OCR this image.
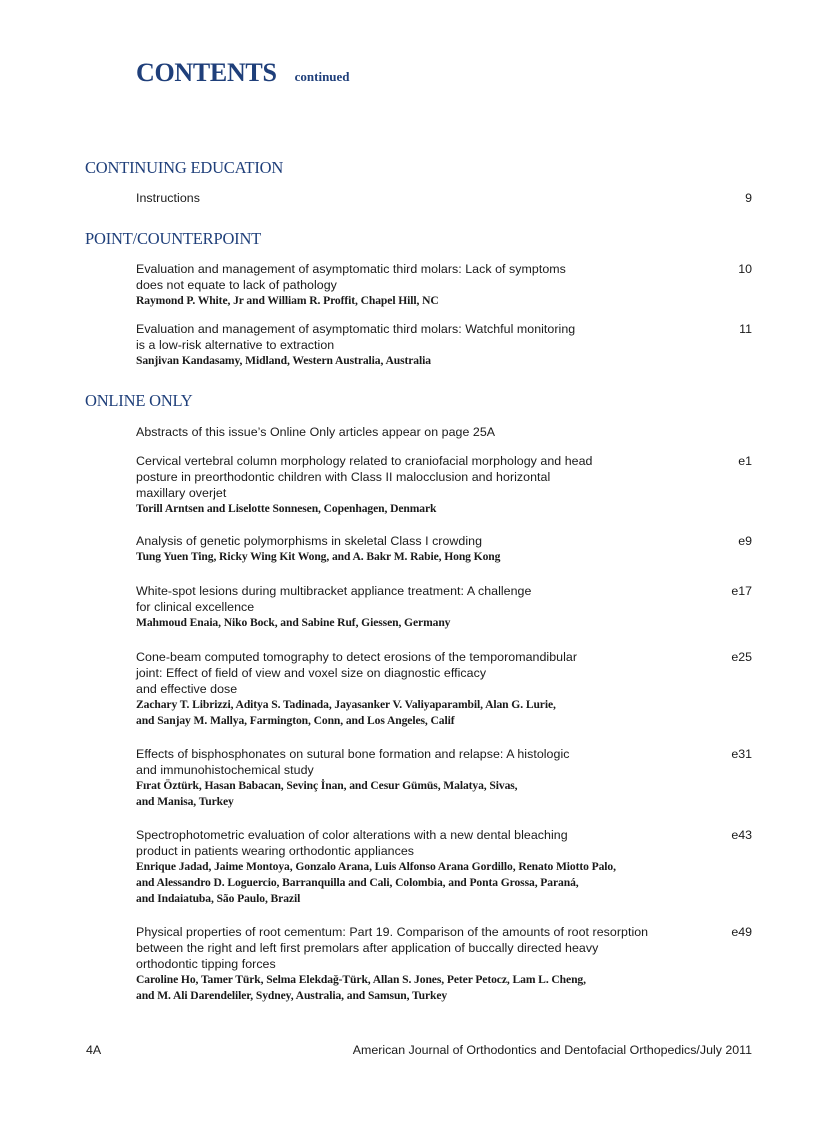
CONTENTS continued
CONTINUING EDUCATION
Instructions	9
POINT/COUNTERPOINT
Evaluation and management of asymptomatic third molars: Lack of symptoms
does not equate to lack of pathology
Raymond P. White, Jr and William R. Proffit, Chapel Hill, NC
10
Evaluation and management of asymptomatic third molars: Watchful monitoring
is a low-risk alternative to extraction
Sanjivan Kandasamy, Midland, Western Australia, Australia
11
ONLINE ONLY
Abstracts of this issue’s Online Only articles appear on page 25A
Cervical vertebral column morphology related to craniofacial morphology and head
posture in preorthodontic children with Class II malocclusion and horizontal
maxillary overjet
Torill Arntsen and Liselotte Sonnesen, Copenhagen, Denmark
e1
Analysis of genetic polymorphisms in skeletal Class I crowding
Tung Yuen Ting, Ricky Wing Kit Wong, and A. Bakr M. Rabie, Hong Kong
e9
White-spot lesions during multibracket appliance treatment: A challenge
for clinical excellence
Mahmoud Enaia, Niko Bock, and Sabine Ruf, Giessen, Germany
e17
Cone-beam computed tomography to detect erosions of the temporomandibular
joint: Effect of field of view and voxel size on diagnostic efficacy
and effective dose
Zachary T. Librizzi, Aditya S. Tadinada, Jayasanker V. Valiyaparambil, Alan G. Lurie,
and Sanjay M. Mallya, Farmington, Conn, and Los Angeles, Calif
e25
Effects of bisphosphonates on sutural bone formation and relapse: A histologic
and immunohistochemical study
Fırat Öztürk, Hasan Babacan, Sevinç İnan, and Cesur Gümüs, Malatya, Sivas,
and Manisa, Turkey
e31
Spectrophotometric evaluation of color alterations with a new dental bleaching
product in patients wearing orthodontic appliances
Enrique Jadad, Jaime Montoya, Gonzalo Arana, Luis Alfonso Arana Gordillo, Renato Miotto Palo,
and Alessandro D. Loguercio, Barranquilla and Cali, Colombia, and Ponta Grossa, Paraná,
and Indaiatuba, São Paulo, Brazil
e43
Physical properties of root cementum: Part 19. Comparison of the amounts of root resorption
between the right and left first premolars after application of buccally directed heavy
orthodontic tipping forces
Caroline Ho, Tamer Türk, Selma Elekdağ-Türk, Allan S. Jones, Peter Petocz, Lam L. Cheng,
and M. Ali Darendeliler, Sydney, Australia, and Samsun, Turkey
e49
4A	American Journal of Orthodontics and Dentofacial Orthopedics/July 2011
